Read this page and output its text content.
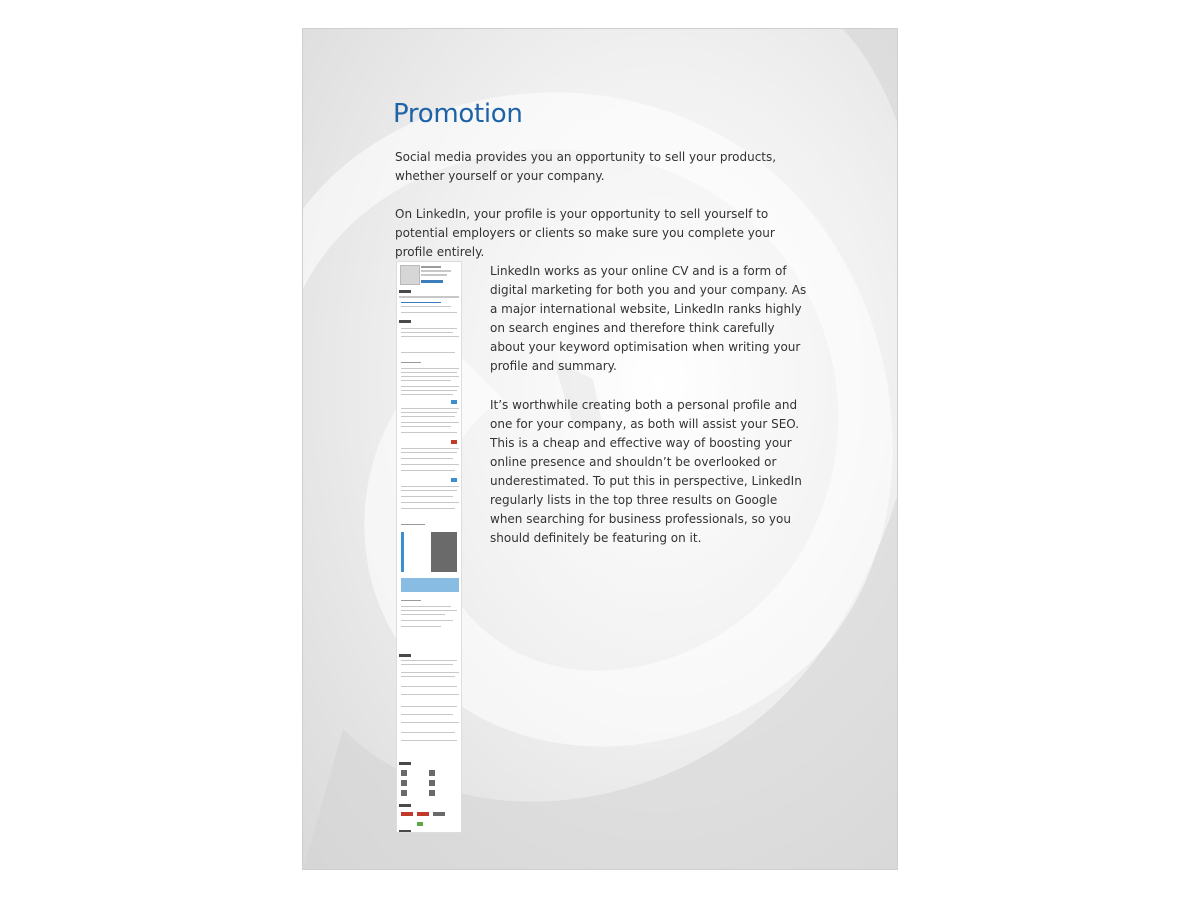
Promotion

Social media provides you an opportunity to sell your products, whether yourself or your company.

On LinkedIn, your profile is your opportunity to sell yourself to potential employers or clients so make sure you complete your profile entirely.

LinkedIn works as your online CV and is a form of digital marketing for both you and your company. As a major international website, LinkedIn ranks highly on search engines and therefore think carefully about your keyword optimisation when writing your profile and summary.

It’s worthwhile creating both a personal profile and one for your company, as both will assist your SEO. This is a cheap and effective way of boosting your online presence and shouldn’t be overlooked or underestimated. To put this in perspective, LinkedIn regularly lists in the top three results on Google when searching for business professionals, so you should definitely be featuring on it.
